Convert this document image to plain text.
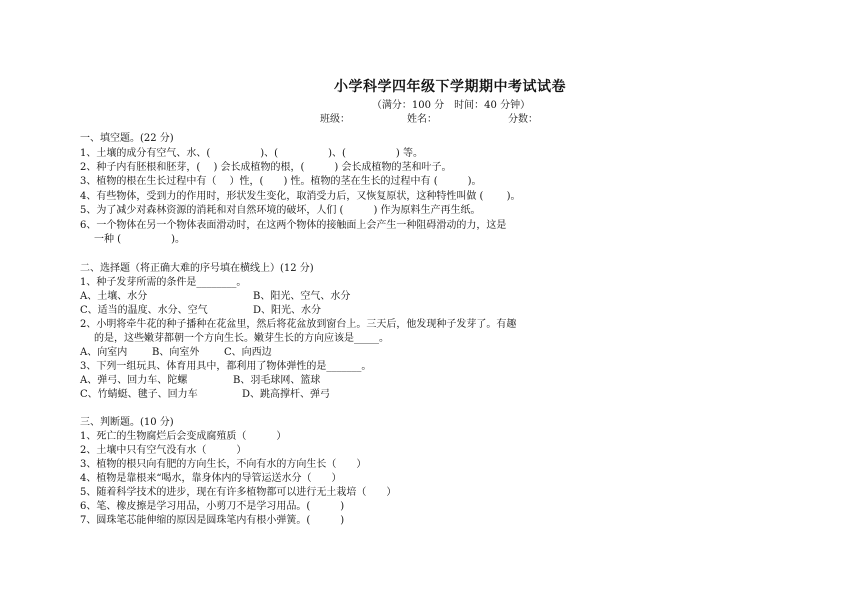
小学科学四年级下学期期中考试试卷
（满分：100 分　时间：40 分钟）
班级：	姓名：	分数：
一、填空题。(22 分)
1、土壤的成分有空气、水、(　　　　　)、(　　　　　)、(　　　　　) 等。
2、种子内有胚根和胚芽，(　 ) 会长成植物的根，(　　　) 会长成植物的茎和叶子。
3、植物的根在生长过程中有（　 ）性，(　　) 性。植物的茎在生长的过程中有 (　　　)。
4、有些物体，受到力的作用时，形状发生变化，取消受力后，又恢复原状，这种特性叫做 (　　 )。
5、为了减少对森林资源的消耗和对自然环境的破坏，人们 (　　　) 作为原料生产再生纸。
6、一个物体在另一个物体表面滑动时，在这两个物体的接触面上会产生一种阻碍滑动的力，这是
一种 (　　　　　)。
二、选择题（将正确大难的序号填在横线上）(12 分)
1、种子发芽所需的条件是________。
A、土壤、水分	B、阳光、空气、水分
C、适当的温度、水分、空气	D、阳光、水分
2、小明将牵牛花的种子播种在花盆里，然后将花盆放到窗台上。三天后，他发现种子发芽了。有趣
的是，这些嫩芽都朝一个方向生长。嫩芽生长的方向应该是_____。
A、向室内 B、向室外 C、向西边
3、下列一组玩具、体育用具中，都利用了物体弹性的是_______。
A、弹弓、回力车、陀螺	B、羽毛球网、篮球
C、竹蜻蜓、毽子、回力车	D、跳高撑杆、弹弓
三、判断题。(10 分)
1、死亡的生物腐烂后会变成腐殖质（　　　）
2、土壤中只有空气没有水（　　　）
3、植物的根只向有肥的方向生长，不向有水的方向生长（　　）
4、植物是靠根来“喝水，靠身体内的导管运送水分（　　）
5、随着科学技术的进步，现在有许多植物都可以进行无土栽培（　　）
6、笔、橡皮擦是学习用品，小剪刀不是学习用品。(　　　)
7、圆珠笔芯能伸缩的原因是圆珠笔内有根小弹簧。(　　　)
